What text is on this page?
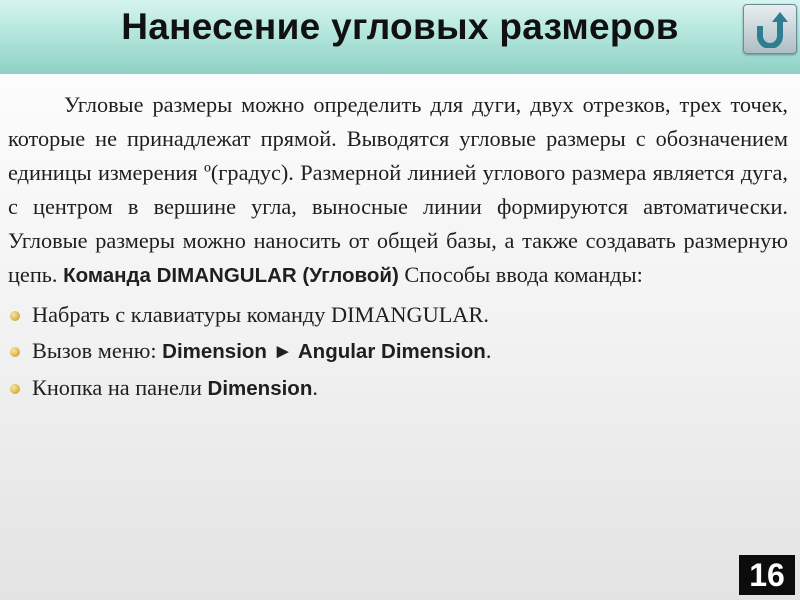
Нанесение угловых размеров

Угловые размеры можно определить для дуги, двух отрезков, трех точек, которые не принадлежат прямой. Выводятся угловые размеры с обозначением единицы измерения º(градус). Размерной линией углового размера является дуга, с центром в вершине угла, выносные линии формируются автоматически. Угловые размеры можно наносить от общей базы, а также создавать размерную цепь. Команда DIMANGULAR (Угловой) Способы ввода команды:

Набрать с клавиатуры команду DIMANGULAR.
Вызов меню: Dimension ► Angular Dimension.
Кнопка на панели Dimension.
16
